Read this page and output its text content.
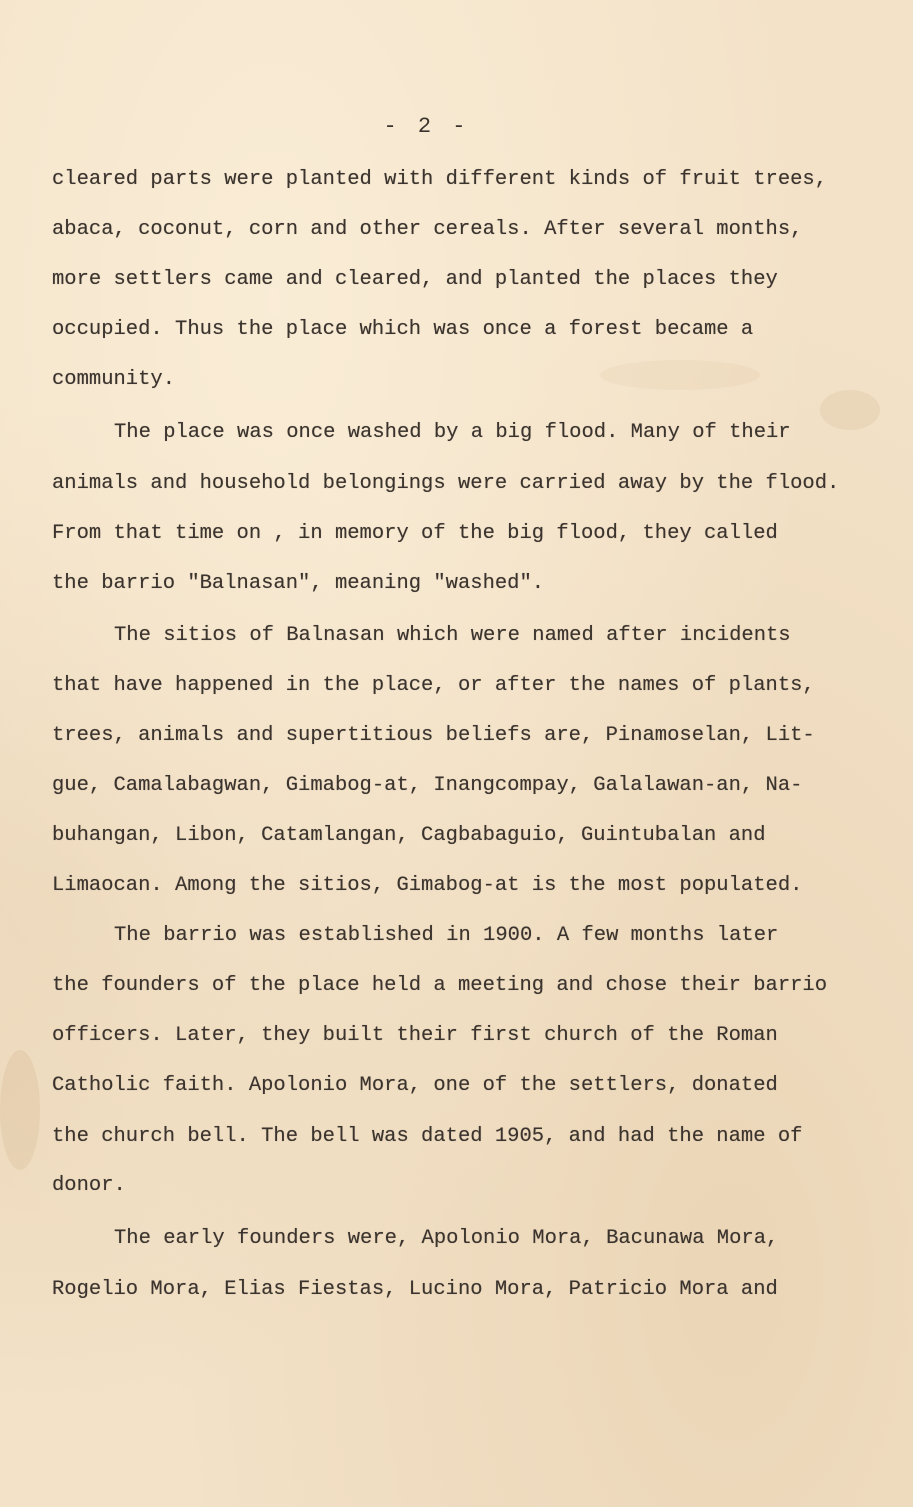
- 2 -
cleared parts were planted with different kinds of fruit trees,
abaca, coconut, corn and other cereals. After several months,
more settlers came and cleared, and planted the places they
occupied. Thus the place which was once a forest became a
community.
The place was once washed by a big flood. Many of their
animals and household belongings were carried away by the flood.
From that time on , in memory of the big flood, they called
the barrio "Balnasan", meaning "washed".
The sitios of Balnasan which were named after incidents
that have happened in the place, or after the names of plants,
trees, animals and supertitious beliefs are, Pinamoselan, Lit-
gue, Camalabagwan, Gimabog-at, Inangcompay, Galalawan-an, Na-
buhangan, Libon, Catamlangan, Cagbabaguio, Guintubalan and
Limaocan. Among the sitios, Gimabog-at is the most populated.
The barrio was established in 1900. A few months later
the founders of the place held a meeting and chose their barrio
officers. Later, they built their first church of the Roman
Catholic faith. Apolonio Mora, one of the settlers, donated
the church bell. The bell was dated 1905, and had the name of
donor.
The early founders were, Apolonio Mora, Bacunawa Mora,
Rogelio Mora, Elias Fiestas, Lucino Mora, Patricio Mora and
